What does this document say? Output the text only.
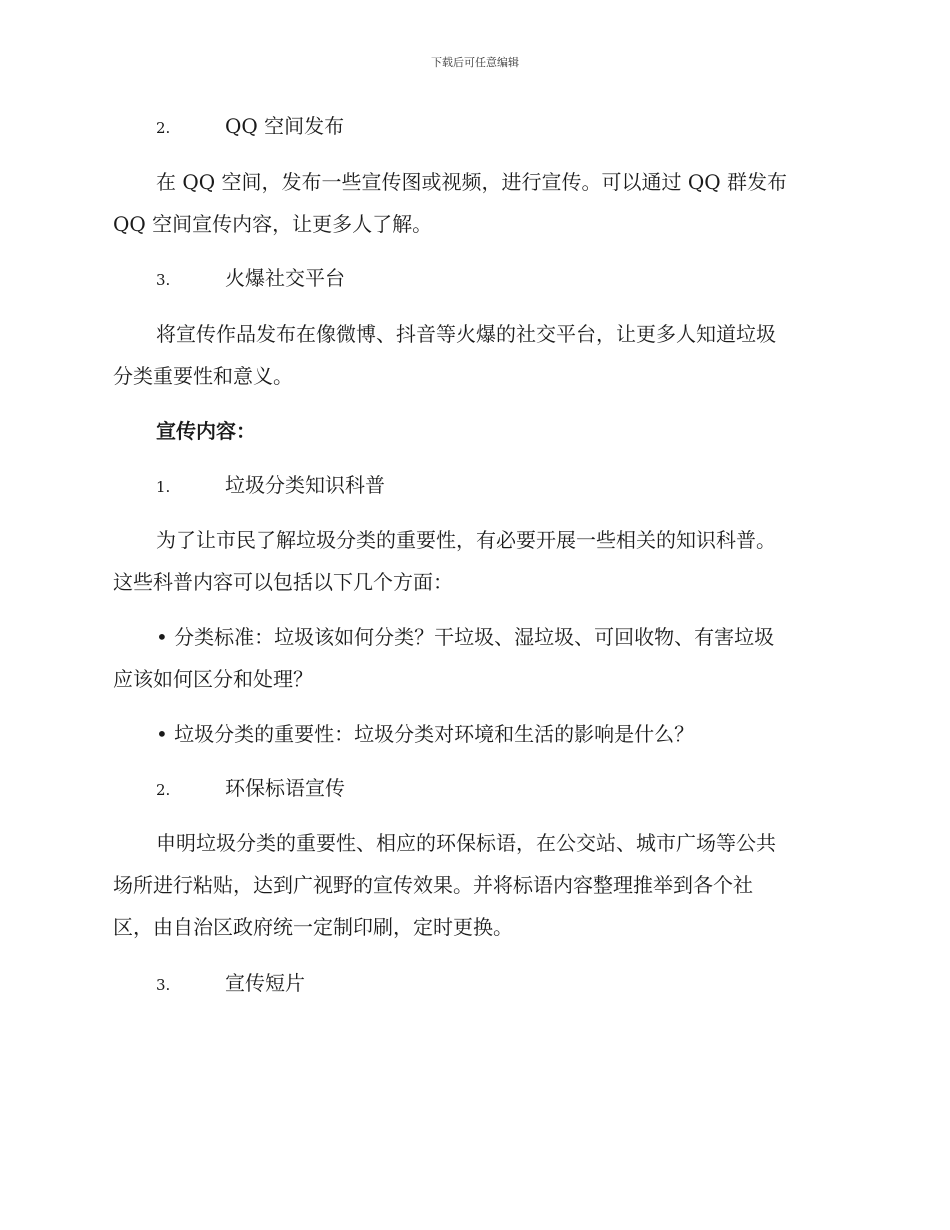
下载后可任意编辑
2.	QQ 空间发布
在 QQ 空间，发布一些宣传图或视频，进行宣传。可以通过 QQ 群发布
QQ 空间宣传内容，让更多人了解。
3.	火爆社交平台
将宣传作品发布在像微博、抖音等火爆的社交平台，让更多人知道垃圾
分类重要性和意义。
宣传内容：
1.	垃圾分类知识科普
为了让市民了解垃圾分类的重要性，有必要开展一些相关的知识科普。
这些科普内容可以包括以下几个方面：
• 分类标准：垃圾该如何分类？干垃圾、湿垃圾、可回收物、有害垃圾
应该如何区分和处理？
• 垃圾分类的重要性：垃圾分类对环境和生活的影响是什么？
2.	环保标语宣传
申明垃圾分类的重要性、相应的环保标语，在公交站、城市广场等公共
场所进行粘贴，达到广视野的宣传效果。并将标语内容整理推举到各个社
区，由自治区政府统一定制印刷，定时更换。
3.	宣传短片
